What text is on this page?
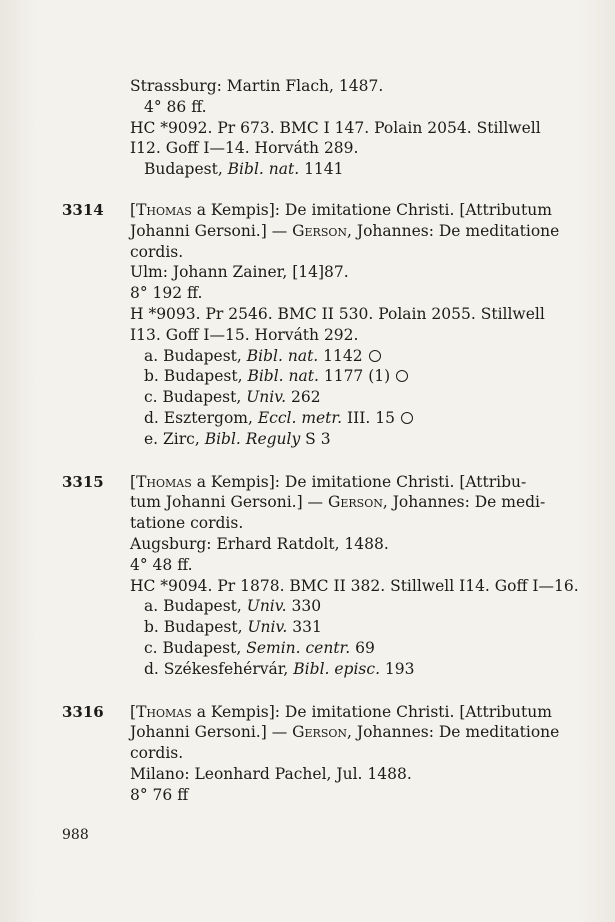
Strassburg: Martin Flach, 1487.
4° 86 ff.
HC *9092. Pr 673. BMC I 147. Polain 2054. Stillwell
I12. Goff I—14. Horváth 289.
Budapest, Bibl. nat. 1141
3314 [Thomas a Kempis]: De imitatione Christi. [Attributum
Johanni Gersoni.] — Gerson, Johannes: De meditatione
cordis.
Ulm: Johann Zainer, [14]87.
8° 192 ff.
H *9093. Pr 2546. BMC II 530. Polain 2055. Stillwell
I13. Goff I—15. Horváth 292.
a. Budapest, Bibl. nat. 1142
b. Budapest, Bibl. nat. 1177 (1)
c. Budapest, Univ. 262
d. Esztergom, Eccl. metr. III. 15
e. Zirc, Bibl. Reguly S 3
3315 [Thomas a Kempis]: De imitatione Christi. [Attribu-
tum Johanni Gersoni.] — Gerson, Johannes: De medi-
tatione cordis.
Augsburg: Erhard Ratdolt, 1488.
4° 48 ff.
HC *9094. Pr 1878. BMC II 382. Stillwell I14. Goff I—16.
a. Budapest, Univ. 330
b. Budapest, Univ. 331
c. Budapest, Semin. centr. 69
d. Székesfehérvár, Bibl. episc. 193
3316 [Thomas a Kempis]: De imitatione Christi. [Attributum
Johanni Gersoni.] — Gerson, Johannes: De meditatione
cordis.
Milano: Leonhard Pachel, Jul. 1488.
8° 76 ff
988
